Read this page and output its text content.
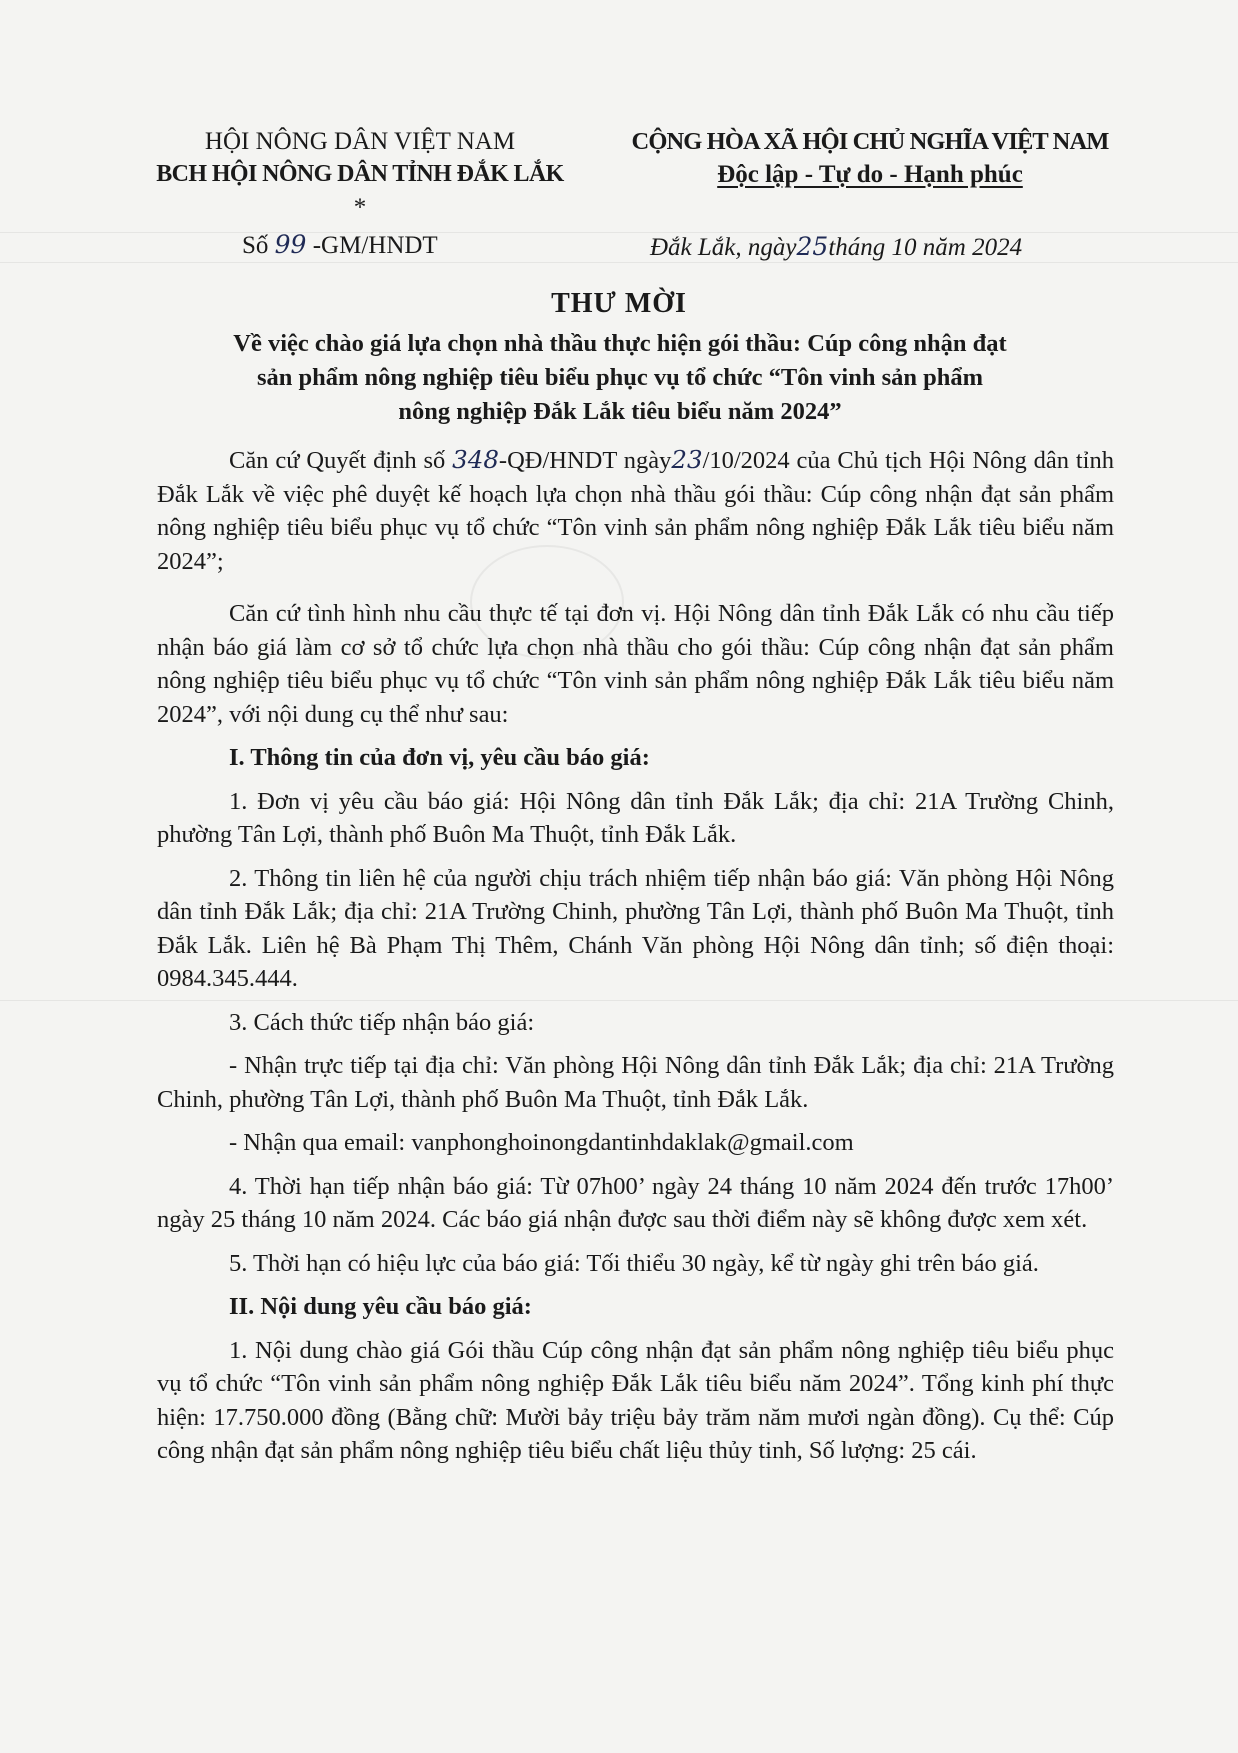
HỘI NÔNG DÂN VIỆT NAM
BCH HỘI NÔNG DÂN TỈNH ĐẮK LẮK
*
Số 99 -GM/HNDT
CỘNG HÒA XÃ HỘI CHỦ NGHĨA VIỆT NAM
Độc lập - Tự do - Hạnh phúc
Đắk Lắk, ngày25tháng 10 năm 2024
THƯ MỜI
Về việc chào giá lựa chọn nhà thầu thực hiện gói thầu: Cúp công nhận đạt
sản phẩm nông nghiệp tiêu biểu phục vụ tổ chức “Tôn vinh sản phẩm
nông nghiệp Đắk Lắk tiêu biểu năm 2024”

Căn cứ Quyết định số 348-QĐ/HNDT ngày23/10/2024 của Chủ tịch Hội Nông dân tỉnh Đắk Lắk về việc phê duyệt kế hoạch lựa chọn nhà thầu gói thầu: Cúp công nhận đạt sản phẩm nông nghiệp tiêu biểu phục vụ tổ chức “Tôn vinh sản phẩm nông nghiệp Đắk Lắk tiêu biểu năm 2024”;

Căn cứ tình hình nhu cầu thực tế tại đơn vị. Hội Nông dân tỉnh Đắk Lắk có nhu cầu tiếp nhận báo giá làm cơ sở tổ chức lựa chọn nhà thầu cho gói thầu: Cúp công nhận đạt sản phẩm nông nghiệp tiêu biểu phục vụ tổ chức “Tôn vinh sản phẩm nông nghiệp Đắk Lắk tiêu biểu năm 2024”, với nội dung cụ thể như sau:

I. Thông tin của đơn vị, yêu cầu báo giá:

1. Đơn vị yêu cầu báo giá: Hội Nông dân tỉnh Đắk Lắk; địa chỉ: 21A Trường Chinh, phường Tân Lợi, thành phố Buôn Ma Thuột, tỉnh Đắk Lắk.

2. Thông tin liên hệ của người chịu trách nhiệm tiếp nhận báo giá: Văn phòng Hội Nông dân tỉnh Đắk Lắk; địa chỉ: 21A Trường Chinh, phường Tân Lợi, thành phố Buôn Ma Thuột, tỉnh Đắk Lắk. Liên hệ Bà Phạm Thị Thêm, Chánh Văn phòng Hội Nông dân tỉnh; số điện thoại: 0984.345.444.

3. Cách thức tiếp nhận báo giá:

- Nhận trực tiếp tại địa chỉ: Văn phòng Hội Nông dân tỉnh Đắk Lắk; địa chỉ: 21A Trường Chinh, phường Tân Lợi, thành phố Buôn Ma Thuột, tỉnh Đắk Lắk.

- Nhận qua email: vanphonghoinongdantinhdaklak@gmail.com

4. Thời hạn tiếp nhận báo giá: Từ 07h00’ ngày 24 tháng 10 năm 2024 đến trước 17h00’ ngày 25 tháng 10 năm 2024. Các báo giá nhận được sau thời điểm này sẽ không được xem xét.

5. Thời hạn có hiệu lực của báo giá: Tối thiểu 30 ngày, kể từ ngày ghi trên báo giá.

II. Nội dung yêu cầu báo giá:

1. Nội dung chào giá Gói thầu Cúp công nhận đạt sản phẩm nông nghiệp tiêu biểu phục vụ tổ chức “Tôn vinh sản phẩm nông nghiệp Đắk Lắk tiêu biểu năm 2024”. Tổng kinh phí thực hiện: 17.750.000 đồng (Bằng chữ: Mười bảy triệu bảy trăm năm mươi ngàn đồng). Cụ thể: Cúp công nhận đạt sản phẩm nông nghiệp tiêu biểu chất liệu thủy tinh, Số lượng: 25 cái.
